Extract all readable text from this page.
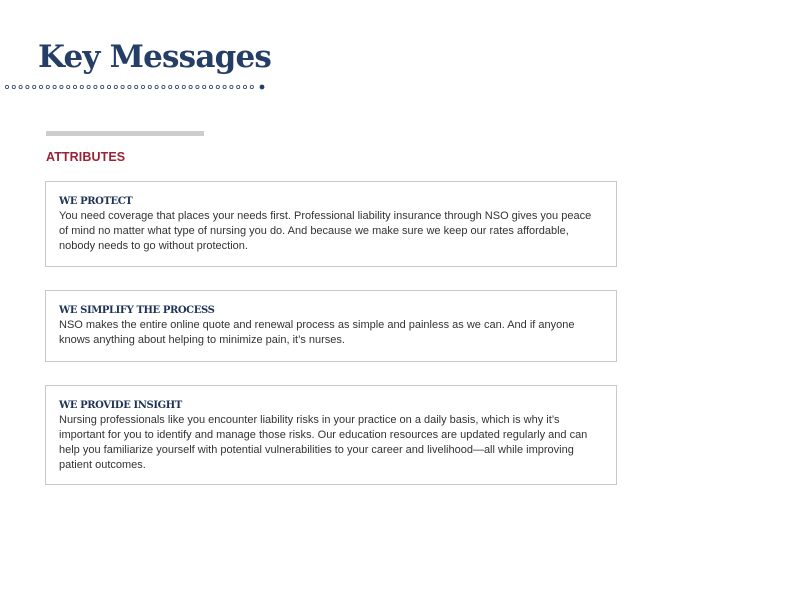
Key Messages
ATTRIBUTES

WE PROTECT

You need coverage that places your needs first. Professional liability insurance through NSO gives you peace of mind no matter what type of nursing you do. And because we make sure we keep our rates affordable, nobody needs to go without protection.

WE SIMPLIFY THE PROCESS

NSO makes the entire online quote and renewal process as simple and painless as we can. And if anyone knows anything about helping to minimize pain, it’s nurses.

WE PROVIDE INSIGHT

Nursing professionals like you encounter liability risks in your practice on a daily basis, which is why it’s important for you to identify and manage those risks. Our education resources are updated regularly and can help you familiarize yourself with potential vulnerabilities to your career and livelihood—all while improving patient outcomes.
